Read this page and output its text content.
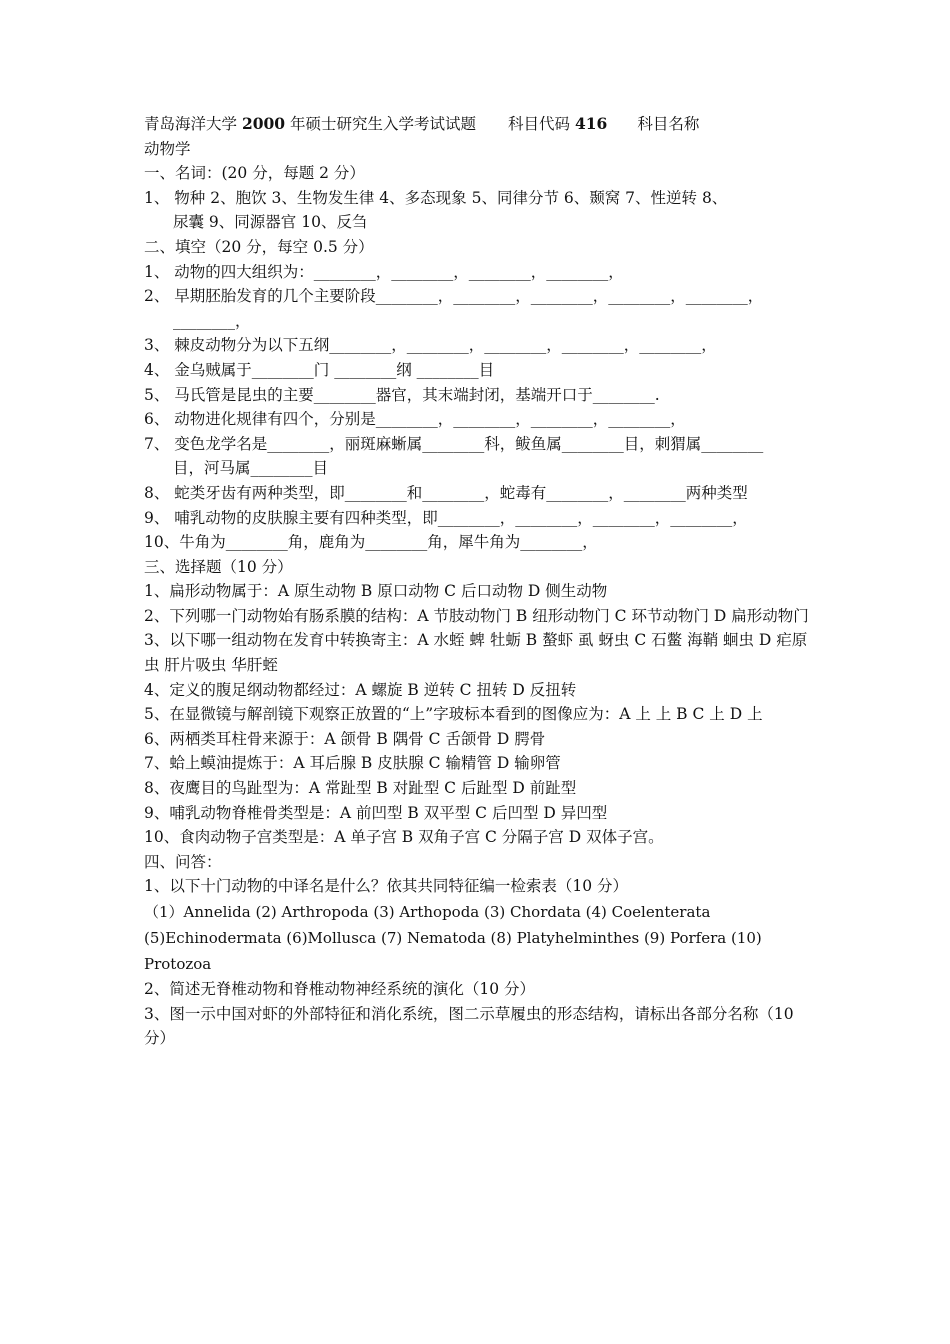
青岛海洋大学 2000 年硕士研究生入学考试试题 科目代码 416 科目名称
动物学
一、名词：(20 分，每题 2 分）
1、 物种 2、胞饮 3、生物发生律 4、多态现象 5、同律分节 6、颞窝 7、性逆转 8、
尿囊 9、同源器官 10、反刍
二、填空（20 分，每空 0.5 分）
1、 动物的四大组织为：________，________，________，________，
2、 早期胚胎发育的几个主要阶段________，________，________，________，________，
________，
3、 棘皮动物分为以下五纲________，________，________，________，________，
4、 金乌贼属于________门 ________纲 ________目
5、 马氏管是昆虫的主要________器官，其末端封闭，基端开口于________.
6、 动物进化规律有四个，分别是________，________，________，________，
7、 变色龙学名是________，丽斑麻蜥属________科，鲅鱼属________目，刺猬属________
目，河马属________目
8、 蛇类牙齿有两种类型，即________和________，蛇毒有________，________两种类型
9、 哺乳动物的皮肤腺主要有四种类型，即________，________，________，________，
10、牛角为________角，鹿角为________角，犀牛角为________，
三、选择题（10 分）
1、扁形动物属于：A 原生动物 B 原口动物 C 后口动物 D 侧生动物
2、下列哪一门动物始有肠系膜的结构：A 节肢动物门 B 纽形动物门 C 环节动物门 D 扁形动物门
3、以下哪一组动物在发育中转换寄主：A 水蛭 蜱 牡蛎 B 螯虾 虱 蚜虫 C 石鳖 海鞘 蛔虫 D 疟原虫 肝片吸虫 华肝蛭
4、定义的腹足纲动物都经过：A 螺旋 B 逆转 C 扭转 D 反扭转
5、在显微镜与解剖镜下观察正放置的“上”字玻标本看到的图像应为：A 上 上 B C 上 D 上
6、两栖类耳柱骨来源于：A 颌骨 B 隅骨 C 舌颌骨 D 腭骨
7、蛤上蟆油提炼于：A 耳后腺 B 皮肤腺 C 输精管 D 输卵管
8、夜鹰目的鸟趾型为：A 常趾型 B 对趾型 C 后趾型 D 前趾型
9、哺乳动物脊椎骨类型是：A 前凹型 B 双平型 C 后凹型 D 异凹型
10、食肉动物子宫类型是：A 单子宫 B 双角子宫 C 分隔子宫 D 双体子宫。
四、问答：
1、以下十门动物的中译名是什么？依其共同特征编一检索表（10 分）
（1）Annelida (2) Arthropoda (3) Arthopoda (3) Chordata (4) Coelenterata (5)Echinodermata (6)Mollusca (7) Nematoda (8) Platyhelminthes (9) Porfera (10) Protozoa
2、简述无脊椎动物和脊椎动物神经系统的演化（10 分）
3、图一示中国对虾的外部特征和消化系统，图二示草履虫的形态结构，请标出各部分名称（10 分）
